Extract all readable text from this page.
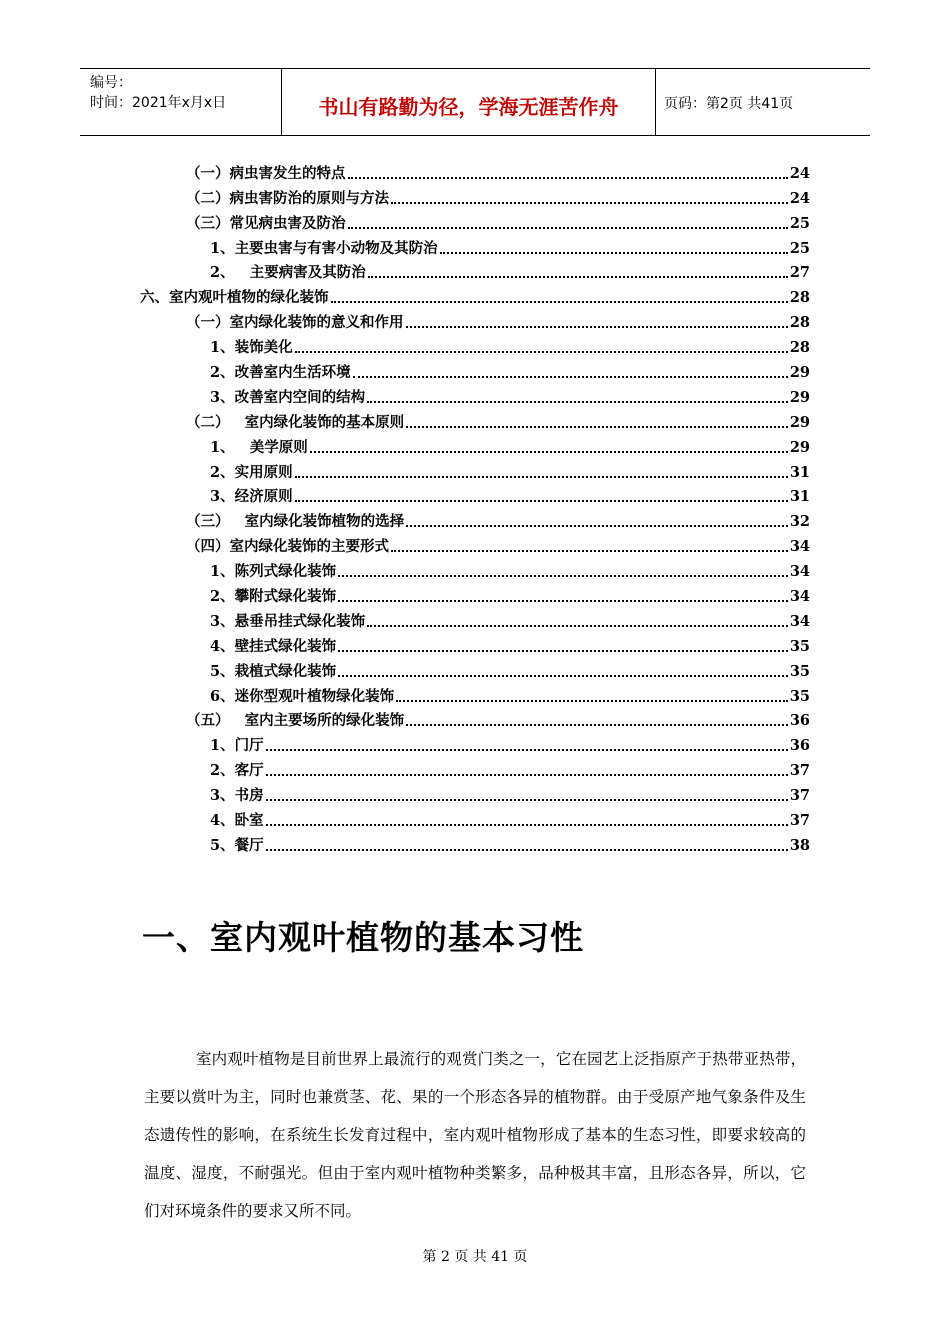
编号：
时间：2021年x月x日	书山有路勤为径，学海无涯苦作舟	页码：第2页 共41页
（一）病虫害发生的特点	24
（二）病虫害防治的原则与方法	24
（三）常见病虫害及防治	25
1、主要虫害与有害小动物及其防治	25
2、   主要病害及其防治	27
六、室内观叶植物的绿化装饰	28
（一）室内绿化装饰的意义和作用	28
1、装饰美化	28
2、改善室内生活环境	29
3、改善室内空间的结构	29
（二）   室内绿化装饰的基本原则	29
1、   美学原则	29
2、实用原则	31
3、经济原则	31
（三）   室内绿化装饰植物的选择	32
（四）室内绿化装饰的主要形式	34
1、陈列式绿化装饰	34
2、攀附式绿化装饰	34
3、悬垂吊挂式绿化装饰	34
4、壁挂式绿化装饰	35
5、栽植式绿化装饰	35
6、迷你型观叶植物绿化装饰	35
（五）   室内主要场所的绿化装饰	36
1、门厅	36
2、客厅	37
3、书房	37
4、卧室	37
5、餐厅	38
一、室内观叶植物的基本习性

室内观叶植物是目前世界上最流行的观赏门类之一，它在园艺上泛指原产于热带亚热带，主要以赏叶为主，同时也兼赏茎、花、果的一个形态各异的植物群。由于受原产地气象条件及生态遗传性的影响，在系统生长发育过程中，室内观叶植物形成了基本的生态习性，即要求较高的温度、湿度，不耐强光。但由于室内观叶植物种类繁多，品种极其丰富，且形态各异，所以，它们对环境条件的要求又所不同。

第 2 页 共 41 页
